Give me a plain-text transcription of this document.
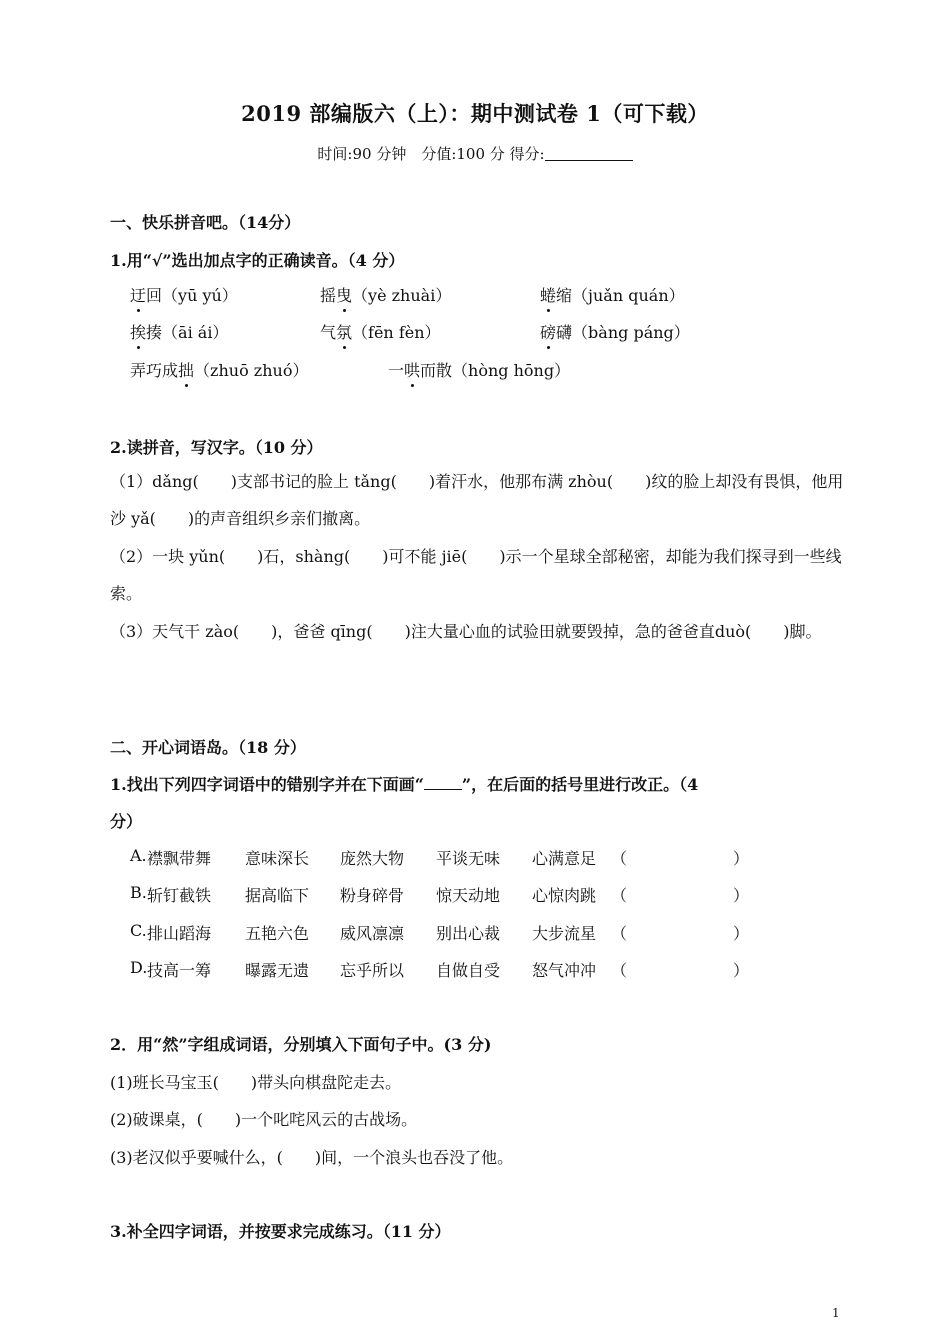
2019 部编版六（上）：期中测试卷 1（可下载）
时间:90 分钟　分值:100 分 得分:
一、快乐拼音吧。（14分）
1.用“√”选出加点字的正确读音。（4 分）
迂回（yū yú）	摇曳（yè zhuài）	蜷缩（juǎn quán）
挨揍（āi ái）	气氛（fēn fèn）	磅礴（bàng páng）
弄巧成拙（zhuō zhuó）	一哄而散（hòng hōng）
2.读拼音，写汉字。（10 分）
（1）dǎng(　　)支部书记的脸上 tǎng(　　)着汗水，他那布满 zhòu(　　)纹的脸上却没有畏惧，他用沙 yǎ(　　)的声音组织乡亲们撤离。
（2）一块 yǔn(　　)石，shàng(　　)可不能 jiē(　　)示一个星球全部秘密，却能为我们探寻到一些线索。
（3）天气干 zào(　　)，爸爸 qīng(　　)注大量心血的试验田就要毁掉，急的爸爸直duò(　　)脚。
二、开心词语岛。（18 分）
1.找出下列四字词语中的错别字并在下面画“ ”，在后面的括号里进行改正。（4
分）
A. 襟飘带舞 意味深长 庞然大物 平谈无味 心满意足 （	）
B. 斩钉截铁 据高临下 粉身碎骨 惊天动地 心惊肉跳 （	）
C. 排山蹈海 五艳六色 威风凛凛 别出心裁 大步流星 （	）
D. 技高一筹 曝露无遗 忘乎所以 自做自受 怒气冲冲 （	）
2．用“然”字组成词语，分别填入下面句子中。(3 分)
(1)班长马宝玉(　　)带头向棋盘陀走去。
(2)破课桌，(　　)一个叱咤风云的古战场。
(3)老汉似乎要喊什么，(　　)间，一个浪头也吞没了他。
3.补全四字词语，并按要求完成练习。（11 分）
1
